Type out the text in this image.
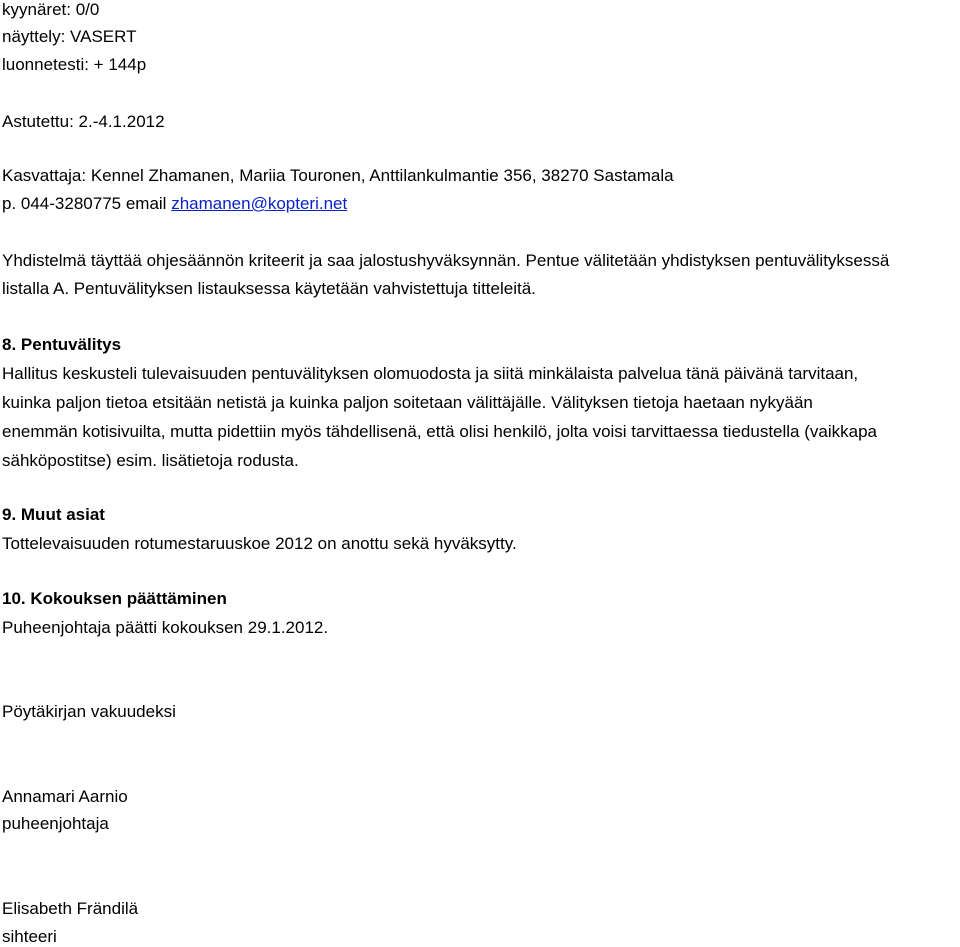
kyynäret: 0/0
näyttely: VASERT
luonnetesti: + 144p
Astutettu: 2.-4.1.2012
Kasvattaja: Kennel Zhamanen, Mariia Touronen, Anttilankulmantie 356, 38270 Sastamala
p. 044-3280775 email zhamanen@kopteri.net
Yhdistelmä täyttää ohjesäännön kriteerit ja saa jalostushyväksynnän. Pentue välitetään yhdistyksen pentuvälityksessä
listalla A. Pentuvälityksen listauksessa käytetään vahvistettuja titteleitä.
8. Pentuvälitys
Hallitus keskusteli tulevaisuuden pentuvälityksen olomuodosta ja siitä minkälaista palvelua tänä päivänä tarvitaan,
kuinka paljon tietoa etsitään netistä ja kuinka paljon soitetaan välittäjälle. Välityksen tietoja haetaan nykyään
enemmän kotisivuilta, mutta pidettiin myös tähdellisenä, että olisi henkilö, jolta voisi tarvittaessa tiedustella (vaikkapa
sähköpostitse) esim. lisätietoja rodusta.
9. Muut asiat
Tottelevaisuuden rotumestaruuskoe 2012 on anottu sekä hyväksytty.
10. Kokouksen päättäminen
Puheenjohtaja päätti kokouksen 29.1.2012.
Pöytäkirjan vakuudeksi
Annamari Aarnio
puheenjohtaja
Elisabeth Frändilä
sihteeri
